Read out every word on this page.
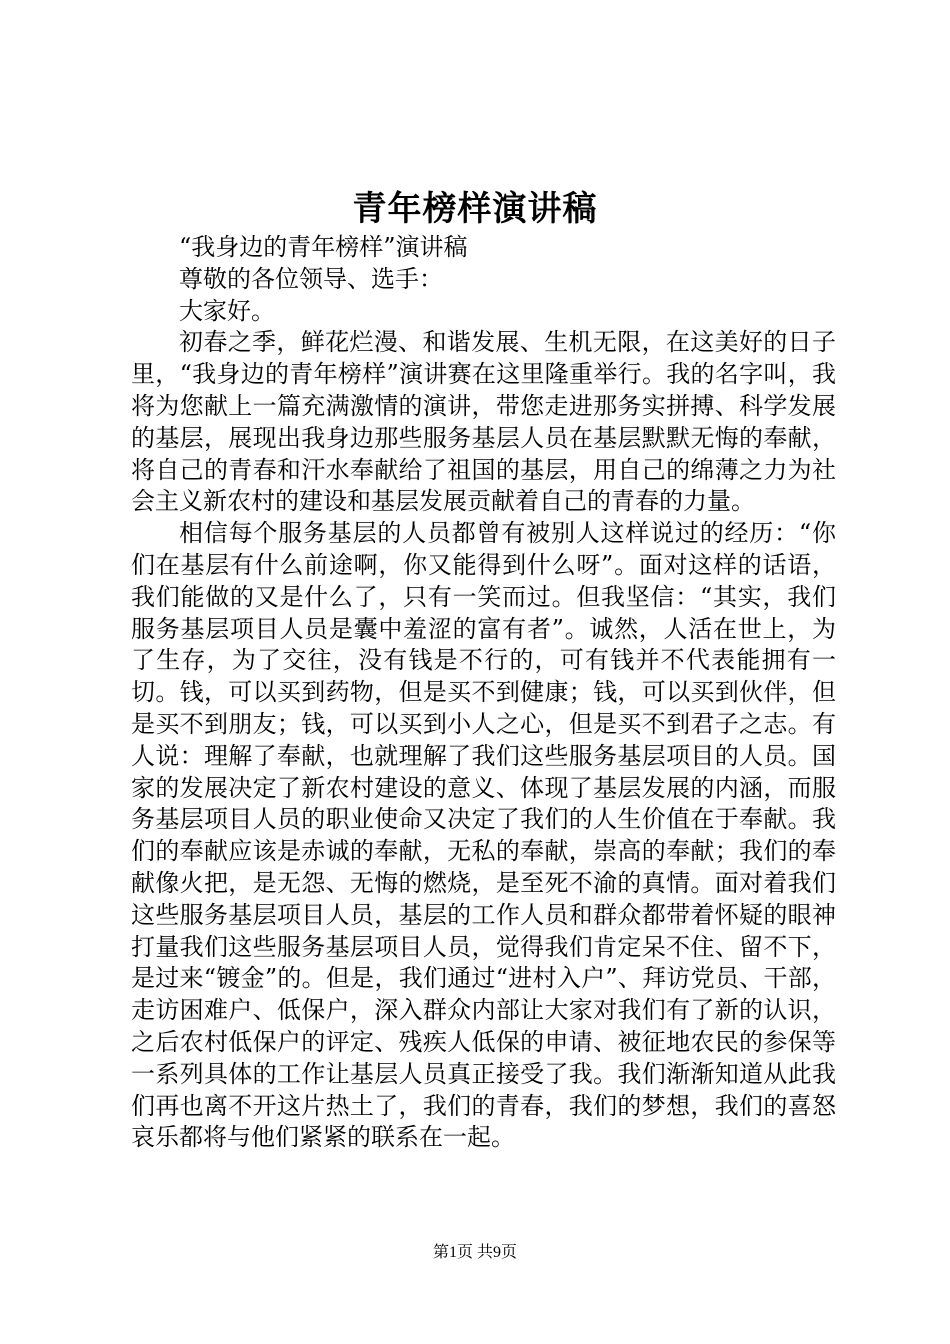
青年榜样演讲稿

“我身边的青年榜样”演讲稿

尊敬的各位领导、选手：

大家好。

初春之季，鲜花烂漫、和谐发展、生机无限，在这美好的日子里，“我身边的青年榜样”演讲赛在这里隆重举行。我的名字叫，我将为您献上一篇充满激情的演讲，带您走进那务实拼搏、科学发展的基层，展现出我身边那些服务基层人员在基层默默无悔的奉献，将自己的青春和汗水奉献给了祖国的基层，用自己的绵薄之力为社会主义新农村的建设和基层发展贡献着自己的青春的力量。

相信每个服务基层的人员都曾有被别人这样说过的经历：“你们在基层有什么前途啊，你又能得到什么呀”。面对这样的话语，我们能做的又是什么了，只有一笑而过。但我坚信：“其实，我们服务基层项目人员是囊中羞涩的富有者”。诚然，人活在世上，为了生存，为了交往，没有钱是不行的，可有钱并不代表能拥有一切。钱，可以买到药物，但是买不到健康；钱，可以买到伙伴，但是买不到朋友；钱，可以买到小人之心，但是买不到君子之志。有人说：理解了奉献，也就理解了我们这些服务基层项目的人员。国家的发展决定了新农村建设的意义、体现了基层发展的内涵，而服务基层项目人员的职业使命又决定了我们的人生价值在于奉献。我们的奉献应该是赤诚的奉献，无私的奉献，崇高的奉献；我们的奉献像火把，是无怨、无悔的燃烧，是至死不渝的真情。面对着我们这些服务基层项目人员，基层的工作人员和群众都带着怀疑的眼神打量我们这些服务基层项目人员，觉得我们肯定呆不住、留不下，是过来“镀金”的。但是，我们通过“进村入户”、拜访党员、干部，走访困难户、低保户，深入群众内部让大家对我们有了新的认识，之后农村低保户的评定、残疾人低保的申请、被征地农民的参保等一系列具体的工作让基层人员真正接受了我。我们渐渐知道从此我们再也离不开这片热土了，我们的青春，我们的梦想，我们的喜怒哀乐都将与他们紧紧的联系在一起。

第1页 共9页
